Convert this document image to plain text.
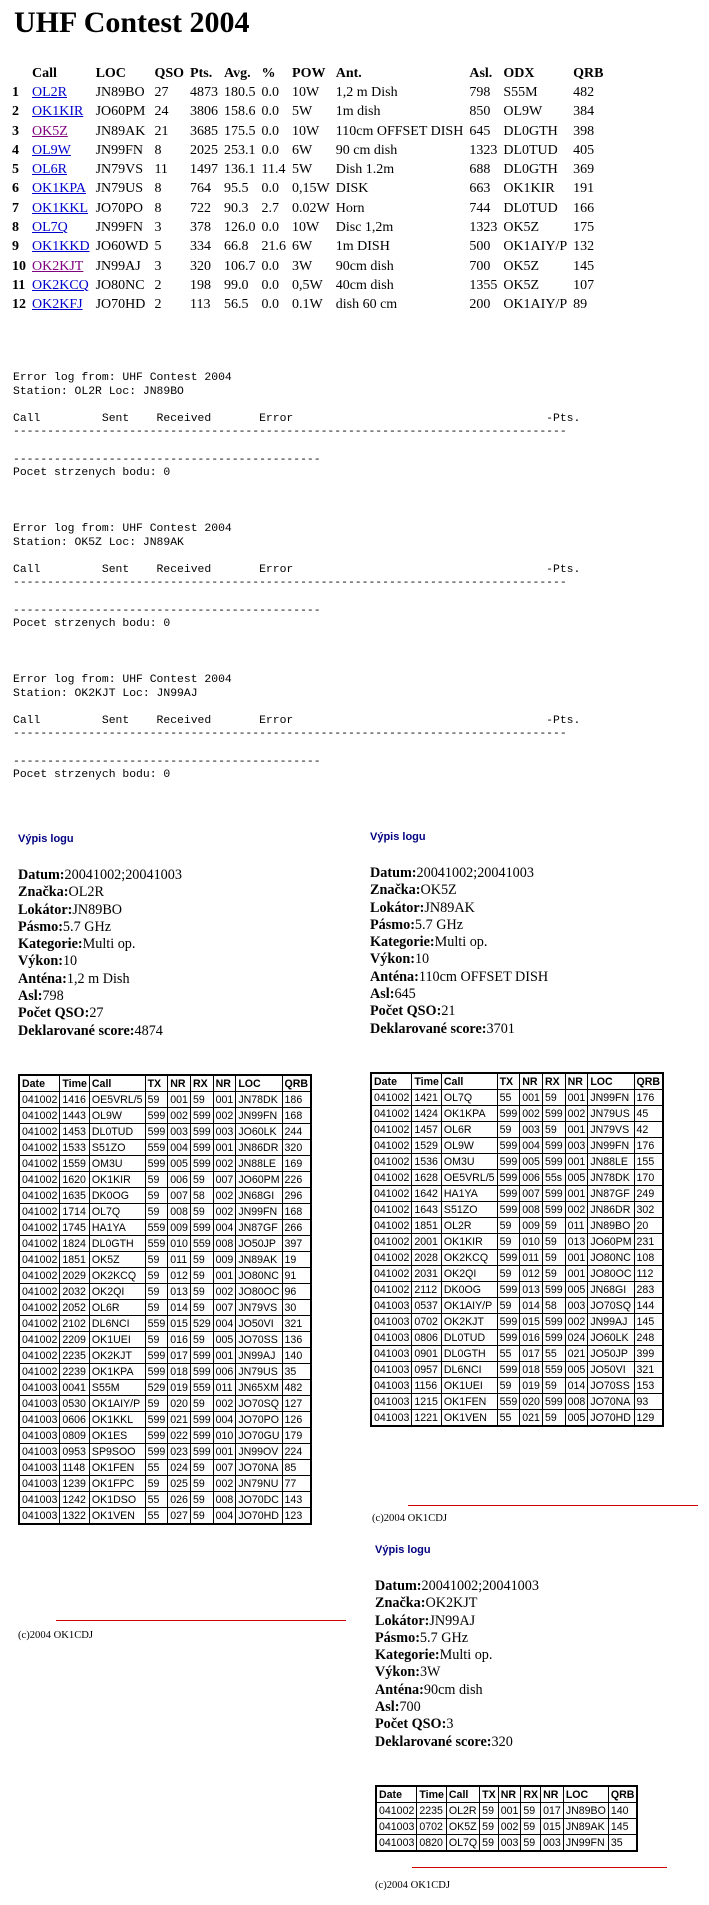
UHF Contest 2004
	Call	LOC	QSO	Pts.	Avg.	%	POW	Ant.	Asl.	ODX	QRB
1	OL2R	JN89BO	27	4873	180.5	0.0	10W	1,2 m Dish	798	S55M	482
2	OK1KIR	JO60PM	24	3806	158.6	0.0	5W	1m dish	850	OL9W	384
3	OK5Z	JN89AK	21	3685	175.5	0.0	10W	110cm OFFSET DISH	645	DL0GTH	398
4	OL9W	JN99FN	8	2025	253.1	0.0	6W	90 cm dish	1323	DL0TUD	405
5	OL6R	JN79VS	11	1497	136.1	11.4	5W	Dish 1.2m	688	DL0GTH	369
6	OK1KPA	JN79US	8	764	95.5	0.0	0,15W	DISK	663	OK1KIR	191
7	OK1KKL	JO70PO	8	722	90.3	2.7	0.02W	Horn	744	DL0TUD	166
8	OL7Q	JN99FN	3	378	126.0	0.0	10W	Disc 1,2m	1323	OK5Z	175
9	OK1KKD	JO60WD	5	334	66.8	21.6	6W	1m DISH	500	OK1AIY/P	132
10	OK2KJT	JN99AJ	3	320	106.7	0.0	3W	90cm dish	700	OK5Z	145
11	OK2KCQ	JO80NC	2	198	99.0	0.0	0,5W	40cm dish	1355	OK5Z	107
12	OK2KFJ	JO70HD	2	113	56.5	0.0	0.1W	dish 60 cm	200	OK1AIY/P	89
Error log from: UHF Contest 2004
Station: OL2R Loc: JN89BO

Call         Sent    Received       Error                                     -Pts.
---------------------------------------------------------------------------------

---------------------------------------------
Pocet strzenych bodu: 0
Error log from: UHF Contest 2004
Station: OK5Z Loc: JN89AK

Call         Sent    Received       Error                                     -Pts.
---------------------------------------------------------------------------------

---------------------------------------------
Pocet strzenych bodu: 0
Error log from: UHF Contest 2004
Station: OK2KJT Loc: JN99AJ

Call         Sent    Received       Error                                     -Pts.
---------------------------------------------------------------------------------

---------------------------------------------
Pocet strzenych bodu: 0
Výpis logu
Datum:20041002;20041003
Značka:OL2R
Lokátor:JN89BO
Pásmo:5.7 GHz
Kategorie:Multi op.
Výkon:10
Anténa:1,2 m Dish
Asl:798
Počet QSO:27
Deklarované score:4874
Date	Time	Call	TX	NR	RX	NR	LOC	QRB
041002	1416	OE5VRL/5	59	001	59	001	JN78DK	186
041002	1443	OL9W	599	002	599	002	JN99FN	168
041002	1453	DL0TUD	599	003	599	003	JO60LK	244
041002	1533	S51ZO	559	004	599	001	JN86DR	320
041002	1559	OM3U	599	005	599	002	JN88LE	169
041002	1620	OK1KIR	59	006	59	007	JO60PM	226
041002	1635	DK0OG	59	007	58	002	JN68GI	296
041002	1714	OL7Q	59	008	59	002	JN99FN	168
041002	1745	HA1YA	559	009	599	004	JN87GF	266
041002	1824	DL0GTH	559	010	559	008	JO50JP	397
041002	1851	OK5Z	59	011	59	009	JN89AK	19
041002	2029	OK2KCQ	59	012	59	001	JO80NC	91
041002	2032	OK2QI	59	013	59	002	JO80OC	96
041002	2052	OL6R	59	014	59	007	JN79VS	30
041002	2102	DL6NCI	559	015	529	004	JO50VI	321
041002	2209	OK1UEI	59	016	59	005	JO70SS	136
041002	2235	OK2KJT	599	017	599	001	JN99AJ	140
041002	2239	OK1KPA	599	018	599	006	JN79US	35
041003	0041	S55M	529	019	559	011	JN65XM	482
041003	0530	OK1AIY/P	59	020	59	002	JO70SQ	127
041003	0606	OK1KKL	599	021	599	004	JO70PO	126
041003	0809	OK1ES	599	022	599	010	JO70GU	179
041003	0953	SP9SOO	599	023	599	001	JN99OV	224
041003	1148	OK1FEN	55	024	59	007	JO70NA	85
041003	1239	OK1FPC	59	025	59	002	JN79NU	77
041003	1242	OK1DSO	55	026	59	008	JO70DC	143
041003	1322	OK1VEN	55	027	59	004	JO70HD	123
(c)2004 OK1CDJ
Výpis logu
Datum:20041002;20041003
Značka:OK5Z
Lokátor:JN89AK
Pásmo:5.7 GHz
Kategorie:Multi op.
Výkon:10
Anténa:110cm OFFSET DISH
Asl:645
Počet QSO:21
Deklarované score:3701
Date	Time	Call	TX	NR	RX	NR	LOC	QRB
041002	1421	OL7Q	55	001	59	001	JN99FN	176
041002	1424	OK1KPA	599	002	599	002	JN79US	45
041002	1457	OL6R	59	003	59	001	JN79VS	42
041002	1529	OL9W	599	004	599	003	JN99FN	176
041002	1536	OM3U	599	005	599	001	JN88LE	155
041002	1628	OE5VRL/5	599	006	55s	005	JN78DK	170
041002	1642	HA1YA	599	007	599	001	JN87GF	249
041002	1643	S51ZO	599	008	599	002	JN86DR	302
041002	1851	OL2R	59	009	59	011	JN89BO	20
041002	2001	OK1KIR	59	010	59	013	JO60PM	231
041002	2028	OK2KCQ	599	011	59	001	JO80NC	108
041002	2031	OK2QI	59	012	59	001	JO80OC	112
041002	2112	DK0OG	599	013	599	005	JN68GI	283
041003	0537	OK1AIY/P	59	014	58	003	JO70SQ	144
041003	0702	OK2KJT	599	015	599	002	JN99AJ	145
041003	0806	DL0TUD	599	016	599	024	JO60LK	248
041003	0901	DL0GTH	55	017	55	021	JO50JP	399
041003	0957	DL6NCI	599	018	559	005	JO50VI	321
041003	1156	OK1UEI	59	019	59	014	JO70SS	153
041003	1215	OK1FEN	559	020	599	008	JO70NA	93
041003	1221	OK1VEN	55	021	59	005	JO70HD	129
(c)2004 OK1CDJ
Výpis logu
Datum:20041002;20041003
Značka:OK2KJT
Lokátor:JN99AJ
Pásmo:5.7 GHz
Kategorie:Multi op.
Výkon:3W
Anténa:90cm dish
Asl:700
Počet QSO:3
Deklarované score:320
Date	Time	Call	TX	NR	RX	NR	LOC	QRB
041002	2235	OL2R	59	001	59	017	JN89BO	140
041003	0702	OK5Z	59	002	59	015	JN89AK	145
041003	0820	OL7Q	59	003	59	003	JN99FN	35
(c)2004 OK1CDJ
